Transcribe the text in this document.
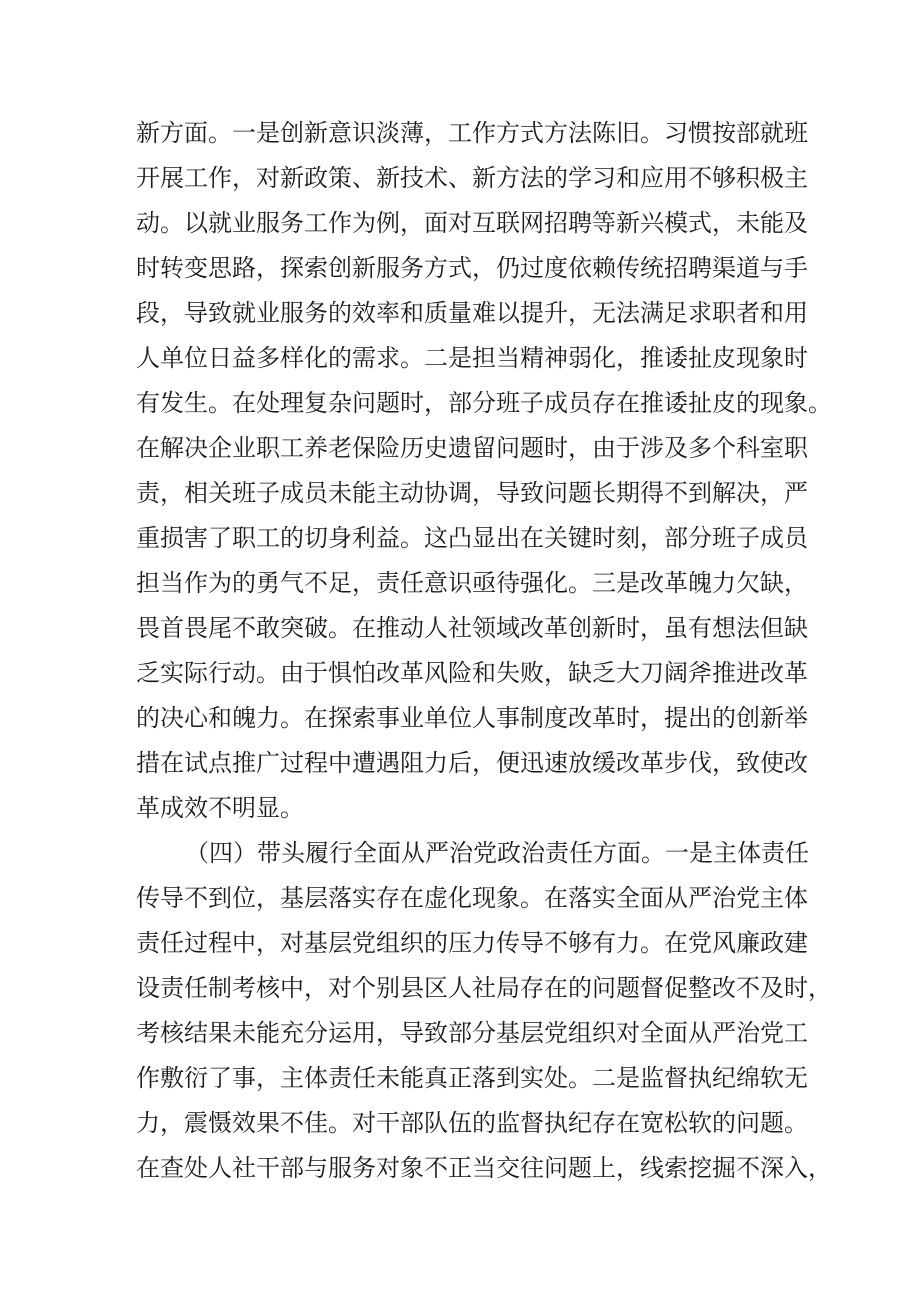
新方面。一是创新意识淡薄，工作方式方法陈旧。习惯按部就班
开展工作，对新政策、新技术、新方法的学习和应用不够积极主
动。以就业服务工作为例，面对互联网招聘等新兴模式，未能及
时转变思路，探索创新服务方式，仍过度依赖传统招聘渠道与手
段，导致就业服务的效率和质量难以提升，无法满足求职者和用
人单位日益多样化的需求。二是担当精神弱化，推诿扯皮现象时
有发生。在处理复杂问题时，部分班子成员存在推诿扯皮的现象。
在解决企业职工养老保险历史遗留问题时，由于涉及多个科室职
责，相关班子成员未能主动协调，导致问题长期得不到解决，严
重损害了职工的切身利益。这凸显出在关键时刻，部分班子成员
担当作为的勇气不足，责任意识亟待强化。三是改革魄力欠缺，
畏首畏尾不敢突破。在推动人社领域改革创新时，虽有想法但缺
乏实际行动。由于惧怕改革风险和失败，缺乏大刀阔斧推进改革
的决心和魄力。在探索事业单位人事制度改革时，提出的创新举
措在试点推广过程中遭遇阻力后，便迅速放缓改革步伐，致使改
革成效不明显。
（四）带头履行全面从严治党政治责任方面。一是主体责任
传导不到位，基层落实存在虚化现象。在落实全面从严治党主体
责任过程中，对基层党组织的压力传导不够有力。在党风廉政建
设责任制考核中，对个别县区人社局存在的问题督促整改不及时，
考核结果未能充分运用，导致部分基层党组织对全面从严治党工
作敷衍了事，主体责任未能真正落到实处。二是监督执纪绵软无
力，震慑效果不佳。对干部队伍的监督执纪存在宽松软的问题。
在查处人社干部与服务对象不正当交往问题上，线索挖掘不深入，
